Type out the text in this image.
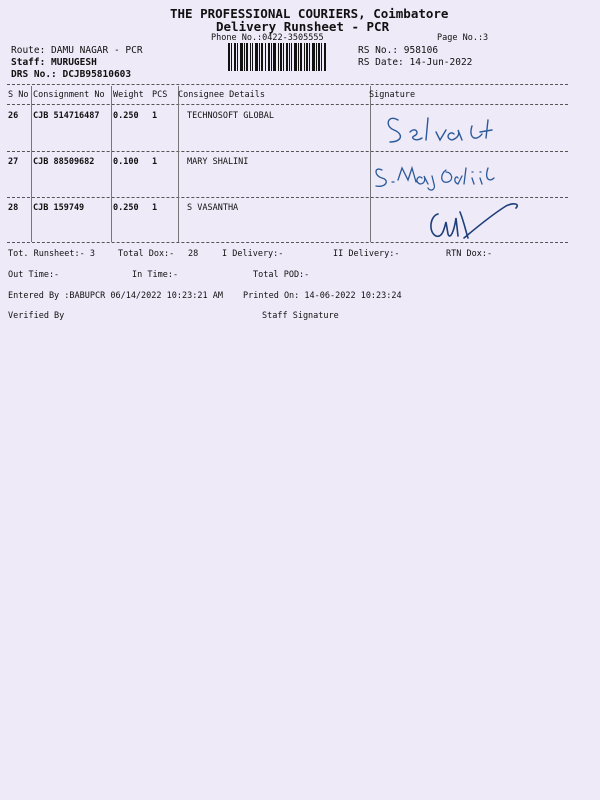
THE PROFESSIONAL COURIERS, Coimbatore
Delivery Runsheet - PCR
Phone No.:0422-3505555	Page No.:3
Route: DAMU NAGAR - PCR
Staff: MURUGESH
DRS No.: DCJB95810603
RS No.: 958106
RS Date: 14-Jun-2022
S No Consignment No Weight PCS Consignee Details	Signature
26 CJB 514716487 0.250 1	TECHNOSOFT GLOBAL
27 CJB 88509682 0.100 1	MARY SHALINI
28 CJB 159749	0.250 1	S VASANTHA
Tot. Runsheet:- 3	Total Dox:- 28	I Delivery:-	II Delivery:-	RTN Dox:-
Out Time:-	In Time:-	Total POD:-
Entered By :BABUPCR 06/14/2022 10:23:21 AM Printed On: 14-06-2022 10:23:24
Verified By	Staff Signature
